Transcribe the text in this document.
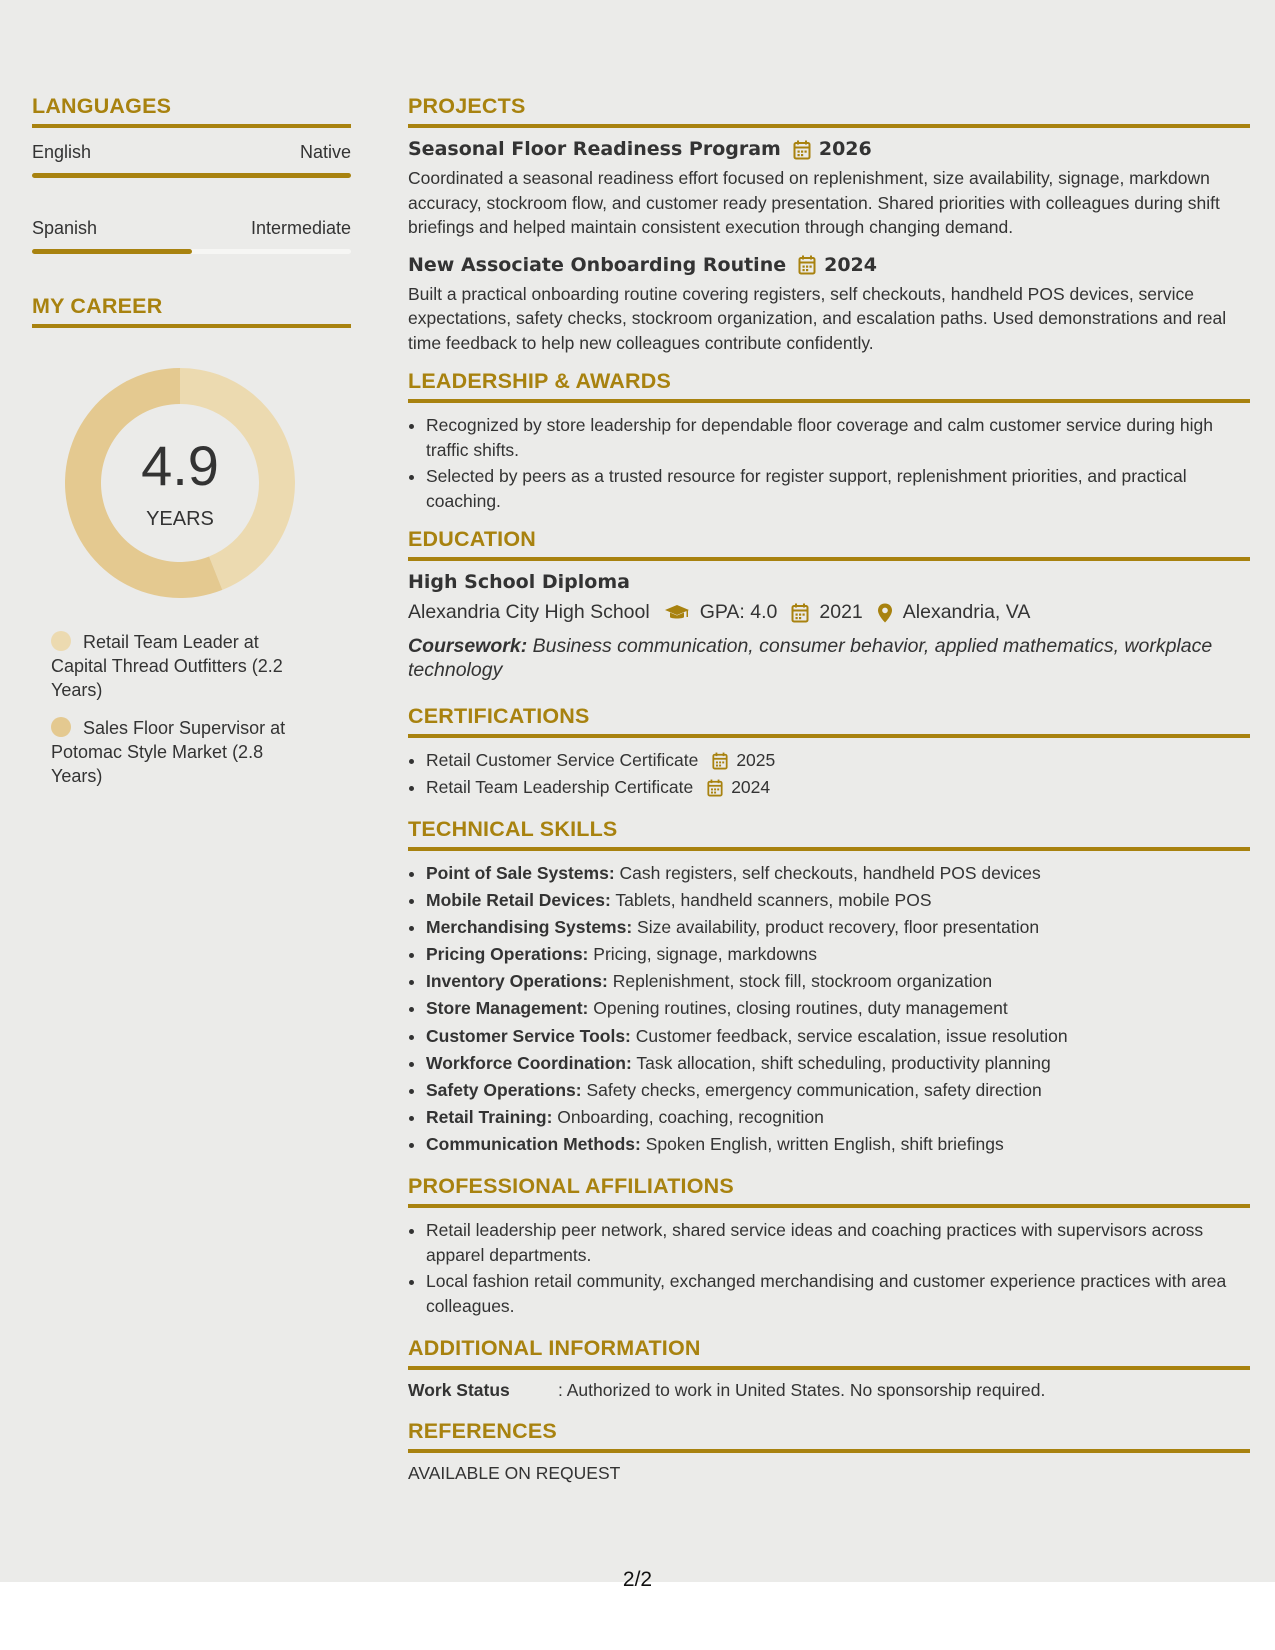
LANGUAGES
English	Native
Spanish	Intermediate
MY CAREER
4.9
YEARS
Retail Team Leader at Capital Thread Outfitters (2.2 Years)
Sales Floor Supervisor at Potomac Style Market (2.8 Years)
PROJECTS
Seasonal Floor Readiness Program 2026
Coordinated a seasonal readiness effort focused on replenishment, size availability, signage, markdown accuracy, stockroom flow, and customer ready presentation. Shared priorities with colleagues during shift briefings and helped maintain consistent execution through changing demand.
New Associate Onboarding Routine 2024
Built a practical onboarding routine covering registers, self checkouts, handheld POS devices, service expectations, safety checks, stockroom organization, and escalation paths. Used demonstrations and real time feedback to help new colleagues contribute confidently.
LEADERSHIP & AWARDS
• Recognized by store leadership for dependable floor coverage and calm customer service during high traffic shifts.
• Selected by peers as a trusted resource for register support, replenishment priorities, and practical coaching.
EDUCATION
High School Diploma
Alexandria City High School	GPA: 4.0 2021 Alexandria, VA
Coursework: Business communication, consumer behavior, applied mathematics, workplace technology
CERTIFICATIONS
• Retail Customer Service Certificate 2025
• Retail Team Leadership Certificate 2024
TECHNICAL SKILLS
• Point of Sale Systems: Cash registers, self checkouts, handheld POS devices
• Mobile Retail Devices: Tablets, handheld scanners, mobile POS
• Merchandising Systems: Size availability, product recovery, floor presentation
• Pricing Operations: Pricing, signage, markdowns
• Inventory Operations: Replenishment, stock fill, stockroom organization
• Store Management: Opening routines, closing routines, duty management
• Customer Service Tools: Customer feedback, service escalation, issue resolution
• Workforce Coordination: Task allocation, shift scheduling, productivity planning
• Safety Operations: Safety checks, emergency communication, safety direction
• Retail Training: Onboarding, coaching, recognition
• Communication Methods: Spoken English, written English, shift briefings
PROFESSIONAL AFFILIATIONS
• Retail leadership peer network, shared service ideas and coaching practices with supervisors across apparel departments.
• Local fashion retail community, exchanged merchandising and customer experience practices with area colleagues.
ADDITIONAL INFORMATION
Work Status	: Authorized to work in United States. No sponsorship required.
REFERENCES
AVAILABLE ON REQUEST
2/2
